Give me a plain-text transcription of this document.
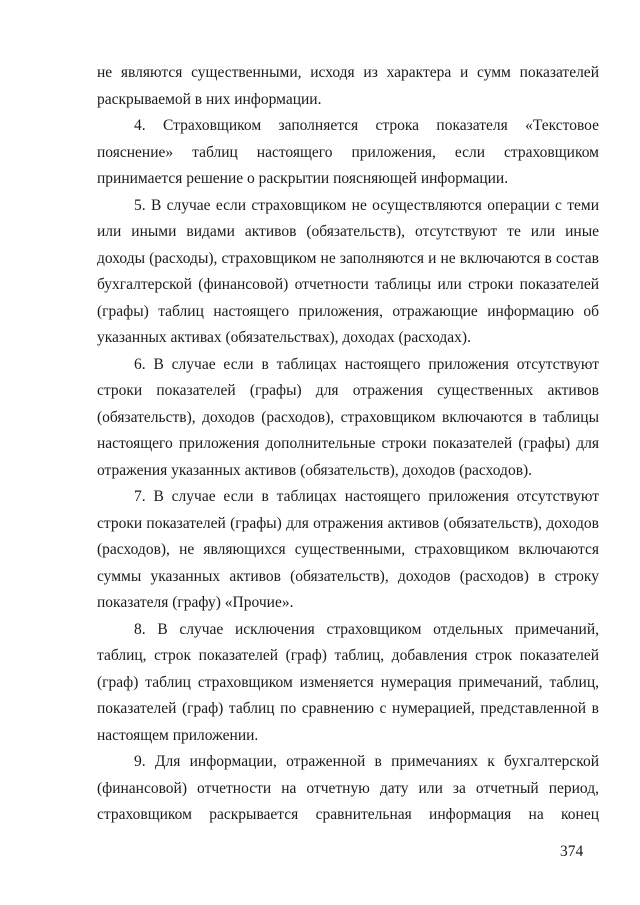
не являются существенными, исходя из характера и сумм показателей раскрываемой в них информации.

4. Страховщиком заполняется строка показателя «Текстовое пояснение» таблиц настоящего приложения, если страховщиком принимается решение о раскрытии поясняющей информации.

5. В случае если страховщиком не осуществляются операции с теми или иными видами активов (обязательств), отсутствуют те или иные доходы (расходы), страховщиком не заполняются и не включаются в состав бухгалтерской (финансовой) отчетности таблицы или строки показателей (графы) таблиц настоящего приложения, отражающие информацию об указанных активах (обязательствах), доходах (расходах).

6. В случае если в таблицах настоящего приложения отсутствуют строки показателей (графы) для отражения существенных активов (обязательств), доходов (расходов), страховщиком включаются в таблицы настоящего приложения дополнительные строки показателей (графы) для отражения указанных активов (обязательств), доходов (расходов).

7. В случае если в таблицах настоящего приложения отсутствуют строки показателей (графы) для отражения активов (обязательств), доходов (расходов), не являющихся существенными, страховщиком включаются суммы указанных активов (обязательств), доходов (расходов) в строку показателя (графу) «Прочие».

8. В случае исключения страховщиком отдельных примечаний, таблиц, строк показателей (граф) таблиц, добавления строк показателей (граф) таблиц страховщиком изменяется нумерация примечаний, таблиц, показателей (граф) таблиц по сравнению с нумерацией, представленной в настоящем приложении.

9. Для информации, отраженной в примечаниях к бухгалтерской (финансовой) отчетности на отчетную дату или за отчетный период, страховщиком раскрывается сравнительная информация на конец

374
